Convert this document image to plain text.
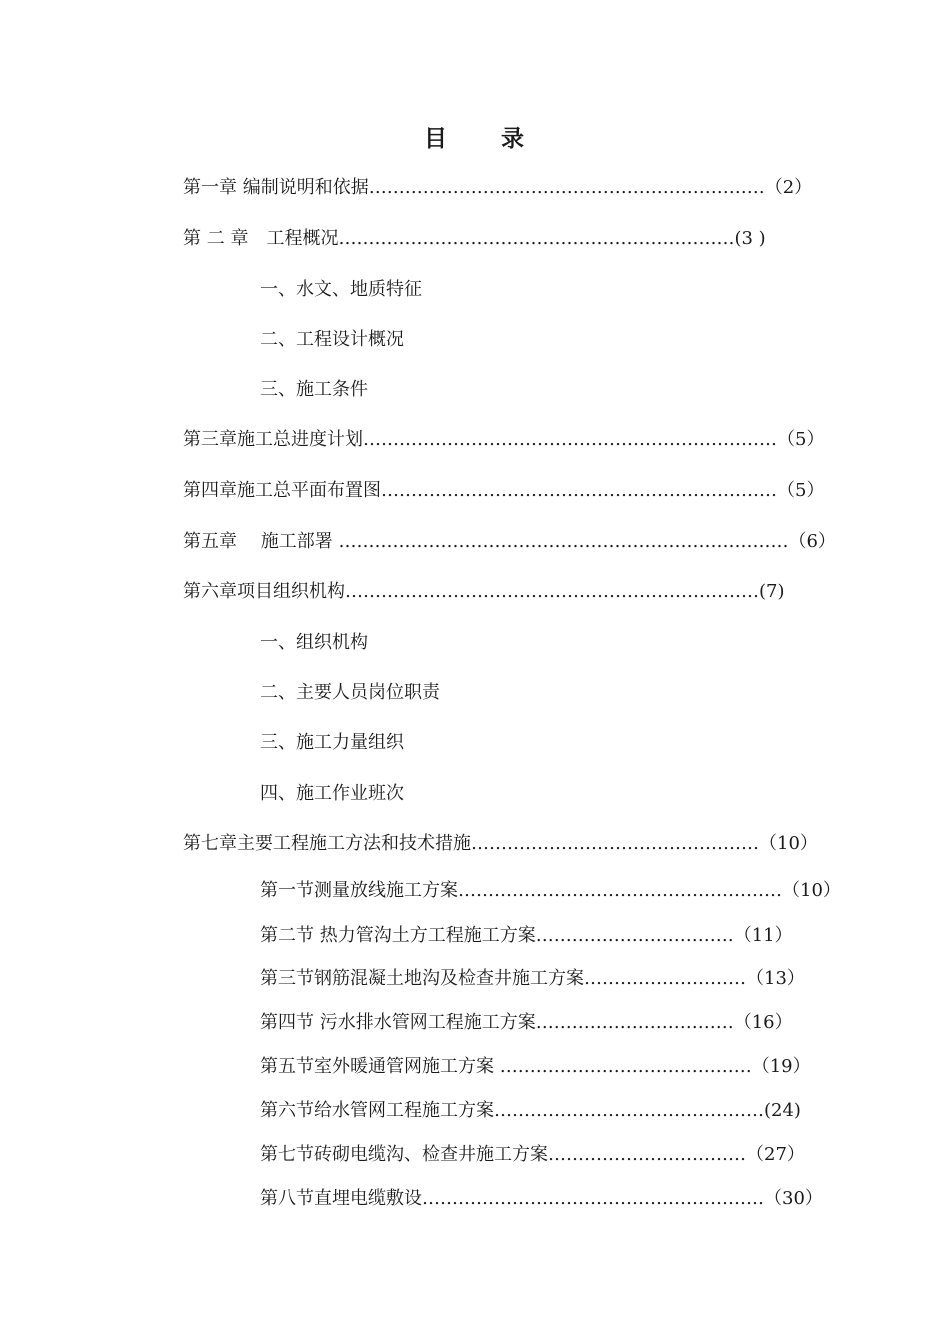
目 录
第一章 编制说明和依据…………………………………………………………（2）
第 二 章　工程概况…………………………………………………………(3 )
一、水文、地质特征
二、工程设计概况
三、施工条件
第三章施工总进度计划……………………………………………………………（5）
第四章施工总平面布置图…………………………………………………………（5）
第五章　 施工部署 …………………………………………………………………（6）
第六章项目组织机构……………………………………………………………(7)
一、组织机构
二、主要人员岗位职责
三、施工力量组织
四、施工作业班次
第七章主要工程施工方法和技术措施…………………………………………（10）
第一节测量放线施工方案………………………………………………（10）
第二节 热力管沟土方工程施工方案……………………………（11）
第三节钢筋混凝土地沟及检查井施工方案………………………（13）
第四节 污水排水管网工程施工方案……………………………（16）
第五节室外暖通管网施工方案 ……………………………………（19）
第六节给水管网工程施工方案………………………………………(24)
第七节砖砌电缆沟、检查井施工方案……………………………（27）
第八节直埋电缆敷设…………………………………………………（30）
